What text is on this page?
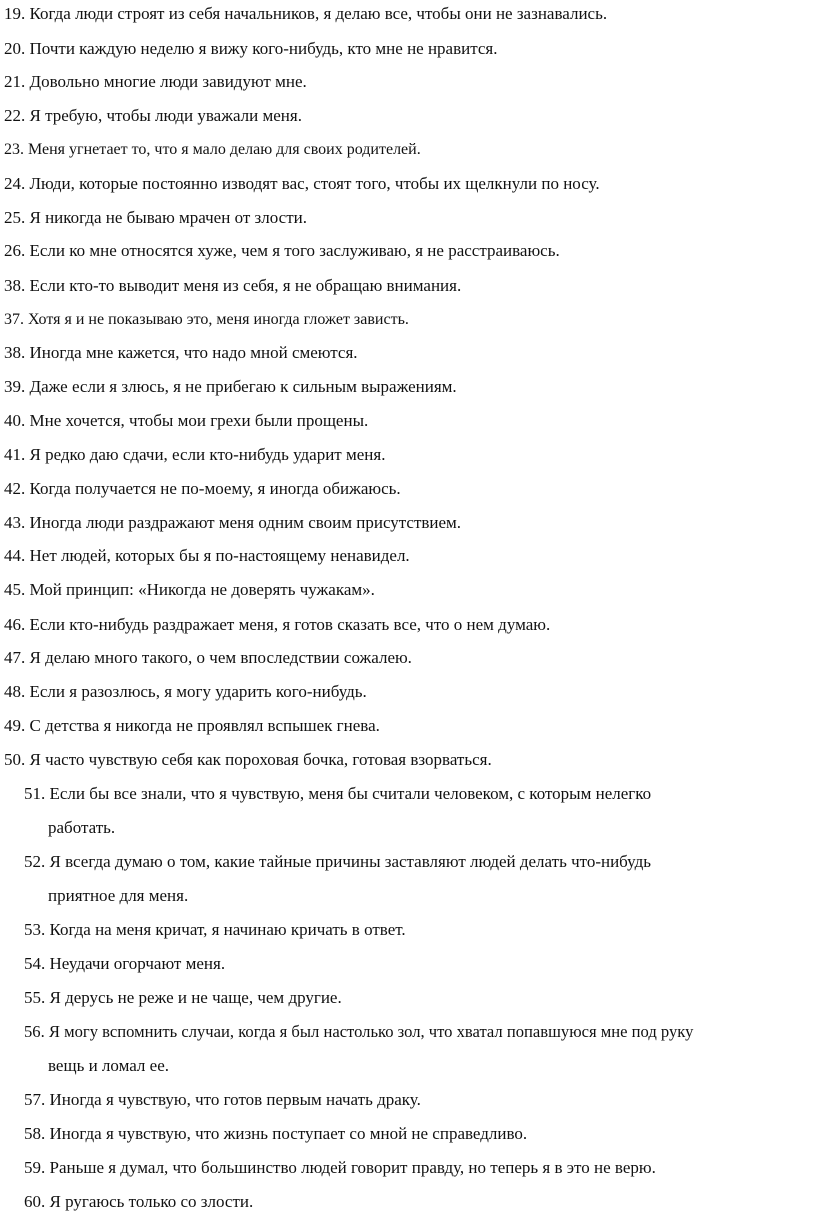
19. Когда люди строят из себя начальников, я делаю все, чтобы они не зазнавались.
20. Почти каждую неделю я вижу кого-нибудь, кто мне не нравится.
21. Довольно многие люди завидуют мне.
22. Я требую, чтобы люди уважали меня.
23. Меня угнетает то, что я мало делаю для своих родителей.
24. Люди, которые постоянно изводят вас, стоят того, чтобы их щелкнули по носу.
25. Я никогда не бываю мрачен от злости.
26. Если ко мне относятся хуже, чем я того заслуживаю, я не расстраиваюсь.
38. Если кто-то выводит меня из себя, я не обращаю внимания.
37. Хотя я и не показываю это, меня иногда гложет зависть.
38. Иногда мне кажется, что надо мной смеются.
39. Даже если я злюсь, я не прибегаю к сильным выражениям.
40. Мне хочется, чтобы мои грехи были прощены.
41. Я редко даю сдачи, если кто-нибудь ударит меня.
42. Когда получается не по-моему, я иногда обижаюсь.
43. Иногда люди раздражают меня одним своим присутствием.
44. Нет людей, которых бы я по-настоящему ненавидел.
45. Мой принцип: «Никогда не доверять чужакам».
46. Если кто-нибудь раздражает меня, я готов сказать все, что о нем думаю.
47. Я делаю много такого, о чем впоследствии сожалею.
48. Если я разозлюсь, я могу ударить кого-нибудь.
49. С детства я никогда не проявлял вспышек гнева.
50. Я часто чувствую себя как пороховая бочка, готовая взорваться.
51. Если бы все знали, что я чувствую, меня бы считали человеком, с которым нелегко
работать.
52. Я всегда думаю о том, какие тайные причины заставляют людей делать что-нибудь
приятное для меня.
53. Когда на меня кричат, я начинаю кричать в ответ.
54. Неудачи огорчают меня.
55. Я дерусь не реже и не чаще, чем другие.
56. Я могу вспомнить случаи, когда я был настолько зол, что хватал попавшуюся мне под руку
вещь и ломал ее.
57. Иногда я чувствую, что готов первым начать драку.
58. Иногда я чувствую, что жизнь поступает со мной не справедливо.
59. Раньше я думал, что большинство людей говорит правду, но теперь я в это не верю.
60. Я ругаюсь только со злости.
